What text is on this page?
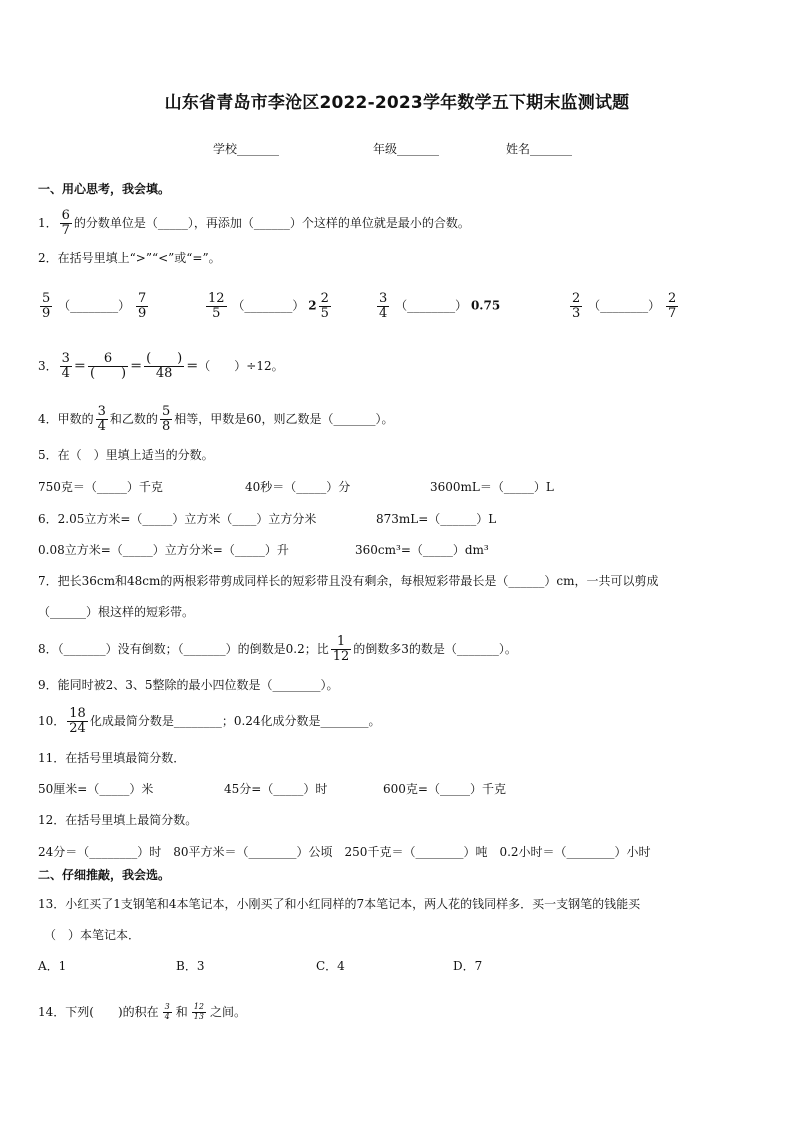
山东省青岛市李沧区2022-2023学年数学五下期末监测试题
学校_______	年级_______	姓名_______
一、用心思考，我会填。
1． $\frac{6}{7}$ 的分数单位是（_____），再添加（______）个这样的单位就是最小的合数。
2．在括号里填上“>”“<”或“=”。
$\frac{5}{9}$ （________） $\frac{7}{9}$	$\frac{12}{5}$ （________） $2 \frac{2}{5}$	$\frac{3}{4}$ （________） 0.75	$\frac{2}{3}$ （________） $\frac{2}{7}$
3． $\frac{3}{4} = \frac{6}{( )} = \frac{( )}{48}$ ＝ （　　）÷12。
4．甲数的 $\frac{3}{4}$ 和乙数的 $\frac{5}{8}$ 相等，甲数是60，则乙数是（_______）。
5．在（　）里填上适当的分数。
750克＝（_____）千克	40秒＝（_____）分	3600mL＝（_____）L
6．2.05立方米=（_____）立方米（____）立方分米	873mL=（______）L
0.08立方米=（_____）立方分米=（_____）升	360cm³=（_____）dm³
7．把长36cm和48cm的两根彩带剪成同样长的短彩带且没有剩余，每根短彩带最长是（______）cm，一共可以剪成
（______）根这样的短彩带。
8．（_______）没有倒数；（_______）的倒数是0.2；比 $\frac{1}{12}$ 的倒数多3的数是（_______）。
9．能同时被2、3、5整除的最小四位数是（________）。
10． $\frac{18}{24}$ 化成最简分数是________；0.24化成分数是________。
11．在括号里填最简分数．
50厘米=（_____）米	45分=（_____）时	600克=（_____）千克
12．在括号里填上最简分数。
24分＝（________）时　80平方米＝（________）公顷　250千克＝（________）吨　0.2小时＝（________）小时
二、仔细推敲，我会选。
13．小红买了1支钢笔和4本笔记本，小刚买了和小红同样的7本笔记本，两人花的钱同样多．买一支钢笔的钱能买
（　）本笔记本．
A．1	B．3	C．4	D．7
14．下列(　　)的积在 $\frac{3}{4}$ 和 $\frac{12}{13}$ 之间。
